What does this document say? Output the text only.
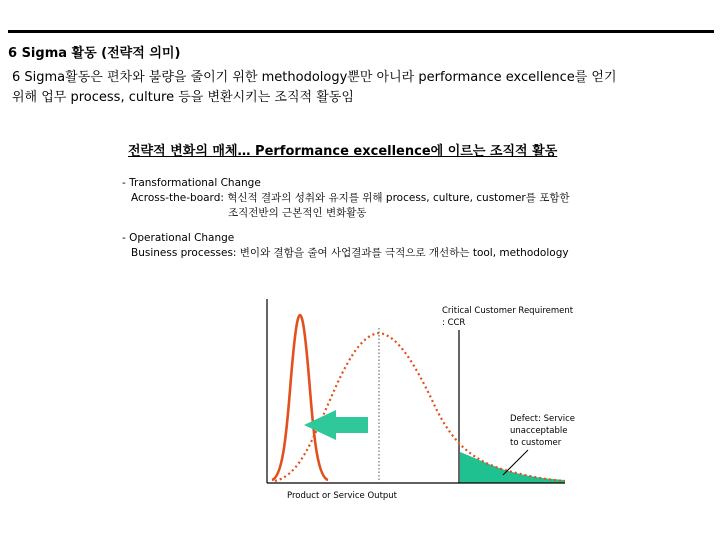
6 Sigma 활동 (전략적 의미)
6 Sigma활동은 편차와 불량을 줄이기 위한 methodology뿐만 아니라 performance excellence를 얻기
위해 업무 process, culture 등을 변환시키는 조직적 활동임
전략적 변화의 매체… Performance excellence에 이르는 조직적 활동
- Transformational Change
Across-the-board: 혁신적 결과의 성취와 유지를 위해 process, culture, customer를 포함한
조직전반의 근본적인 변화활동
- Operational Change
Business processes: 변이와 결함을 줄여 사업결과를 극적으로 개선하는 tool, methodology
Critical Customer Requirement
: CCR
Defect: Service
unacceptable
to customer
Product or Service Output
